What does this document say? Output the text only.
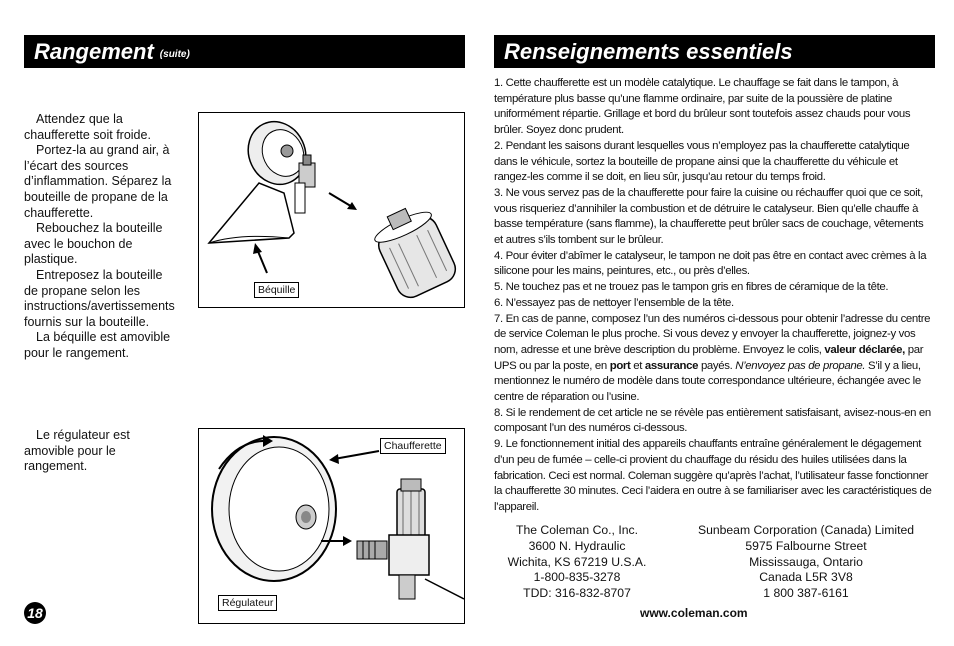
Rangement (suite)

Attendez que la chaufferette soit froide.

Portez-la au grand air, à l’écart des sources d’inflammation. Séparez la bouteille de propane de la chaufferette.

Rebouchez la bouteille avec le bouchon de plastique.

Entreposez la bouteille de propane selon les instructions/avertissements fournis sur la bouteille.

La béquille est amovible pour le rangement.

Le régulateur est amovible pour le rangement.

Béquille
Chaufferette
Régulateur
18
Renseignements essentiels

1. Cette chaufferette est un modèle catalytique. Le chauffage se fait dans le tampon, à température plus basse qu’une flamme ordinaire, par suite de la poussière de platine uniformément répartie. Grillage et bord du brûleur sont toutefois assez chauds pour vous brûler. Soyez donc prudent.

2. Pendant les saisons durant lesquelles vous n’employez pas la chaufferette catalytique dans le véhicule, sortez la bouteille de propane ainsi que la chaufferette du véhicule et rangez-les comme il se doit, en lieu sûr, jusqu’au retour du temps froid.

3. Ne vous servez pas de la chaufferette pour faire la cuisine ou réchauffer quoi que ce soit, vous risqueriez d’annihiler la combustion et de détruire le catalyseur. Bien qu’elle chauffe à basse température (sans flamme), la chaufferette peut brûler sacs de couchage, vêtements et autres s’ils tombent sur le brûleur.

4. Pour éviter d’abîmer le catalyseur, le tampon ne doit pas être en contact avec crèmes à la silicone pour les mains, peintures, etc., ou près d’elles.

5. Ne touchez pas et ne trouez pas le tampon gris en fibres de céramique de la tête.

6. N’essayez pas de nettoyer l’ensemble de la tête.

7. En cas de panne, composez l’un des numéros ci-dessous pour obtenir l’adresse du centre de service Coleman le plus proche. Si vous devez y envoyer la chaufferette, joignez-y vos nom, adresse et une brève description du problème. Envoyez le colis, valeur déclarée, par UPS ou par la poste, en port et assurance payés. N’envoyez pas de propane. S’il y a lieu, mentionnez le numéro de modèle dans toute correspondance ultérieure, échangée avec le centre de réparation ou l’usine.

8. Si le rendement de cet article ne se révèle pas entièrement satisfaisant, avisez-nous-en en composant l’un des numéros ci-dessous.

9. Le fonctionnement initial des appareils chauffants entraîne généralement le dégagement d’un peu de fumée – celle-ci provient du chauffage du résidu des huiles utilisées dans la fabrication. Ceci est normal. Coleman suggère qu’après l’achat, l’utilisateur fasse fonctionner la chaufferette 30 minutes. Ceci l’aidera en outre à se familiariser avec les caractéristiques de l’appareil.

The Coleman Co., Inc.
3600 N. Hydraulic
Wichita, KS 67219 U.S.A.
1-800-835-3278
TDD: 316-832-8707
Sunbeam Corporation (Canada) Limited
5975 Falbourne Street
Mississauga, Ontario
Canada L5R 3V8
1 800 387-6161
www.coleman.com
